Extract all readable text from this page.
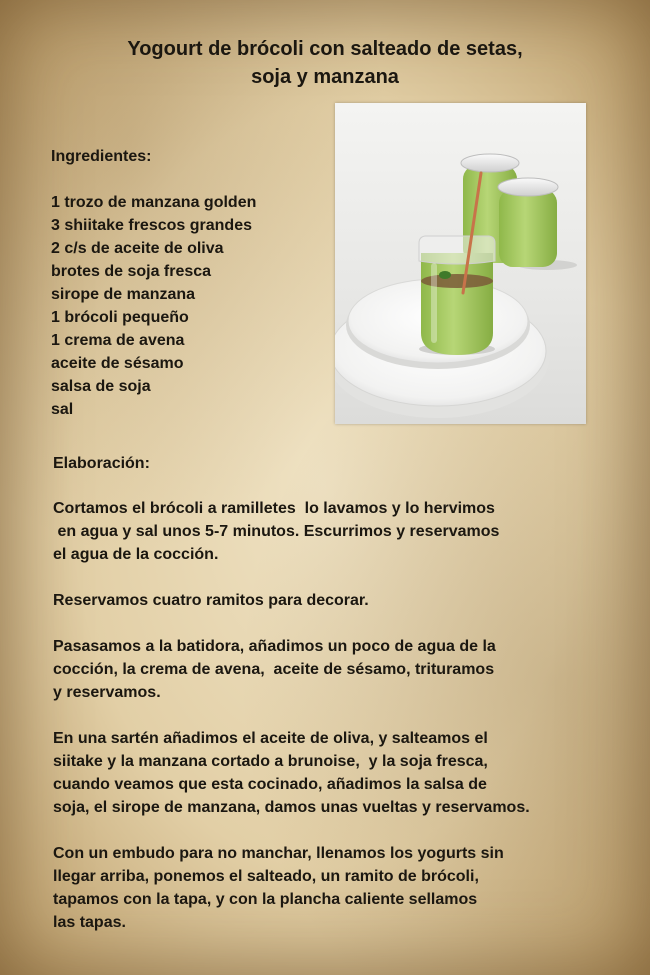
Yogourt de brócoli con salteado de setas,
soja y manzana
Ingredientes:
1 trozo de manzana golden
3 shiitake frescos grandes
2 c/s de aceite de oliva
brotes de soja fresca
sirope de manzana
1 brócoli pequeño
1 crema de avena
aceite de sésamo
salsa de soja
sal
Elaboración:
Cortamos el brócoli a ramilletes  lo lavamos y lo hervimos
en agua y sal unos 5-7 minutos. Escurrimos y reservamos
el agua de la cocción.
Reservamos cuatro ramitos para decorar.
Pasasamos a la batidora, añadimos un poco de agua de la
cocción, la crema de avena,  aceite de sésamo, trituramos
y reservamos.
En una sartén añadimos el aceite de oliva, y salteamos el
siitake y la manzana cortado a brunoise,  y la soja fresca,
cuando veamos que esta cocinado, añadimos la salsa de
soja, el sirope de manzana, damos unas vueltas y reservamos.
Con un embudo para no manchar, llenamos los yogurts sin
llegar arriba, ponemos el salteado, un ramito de brócoli,
tapamos con la tapa, y con la plancha caliente sellamos
las tapas.
